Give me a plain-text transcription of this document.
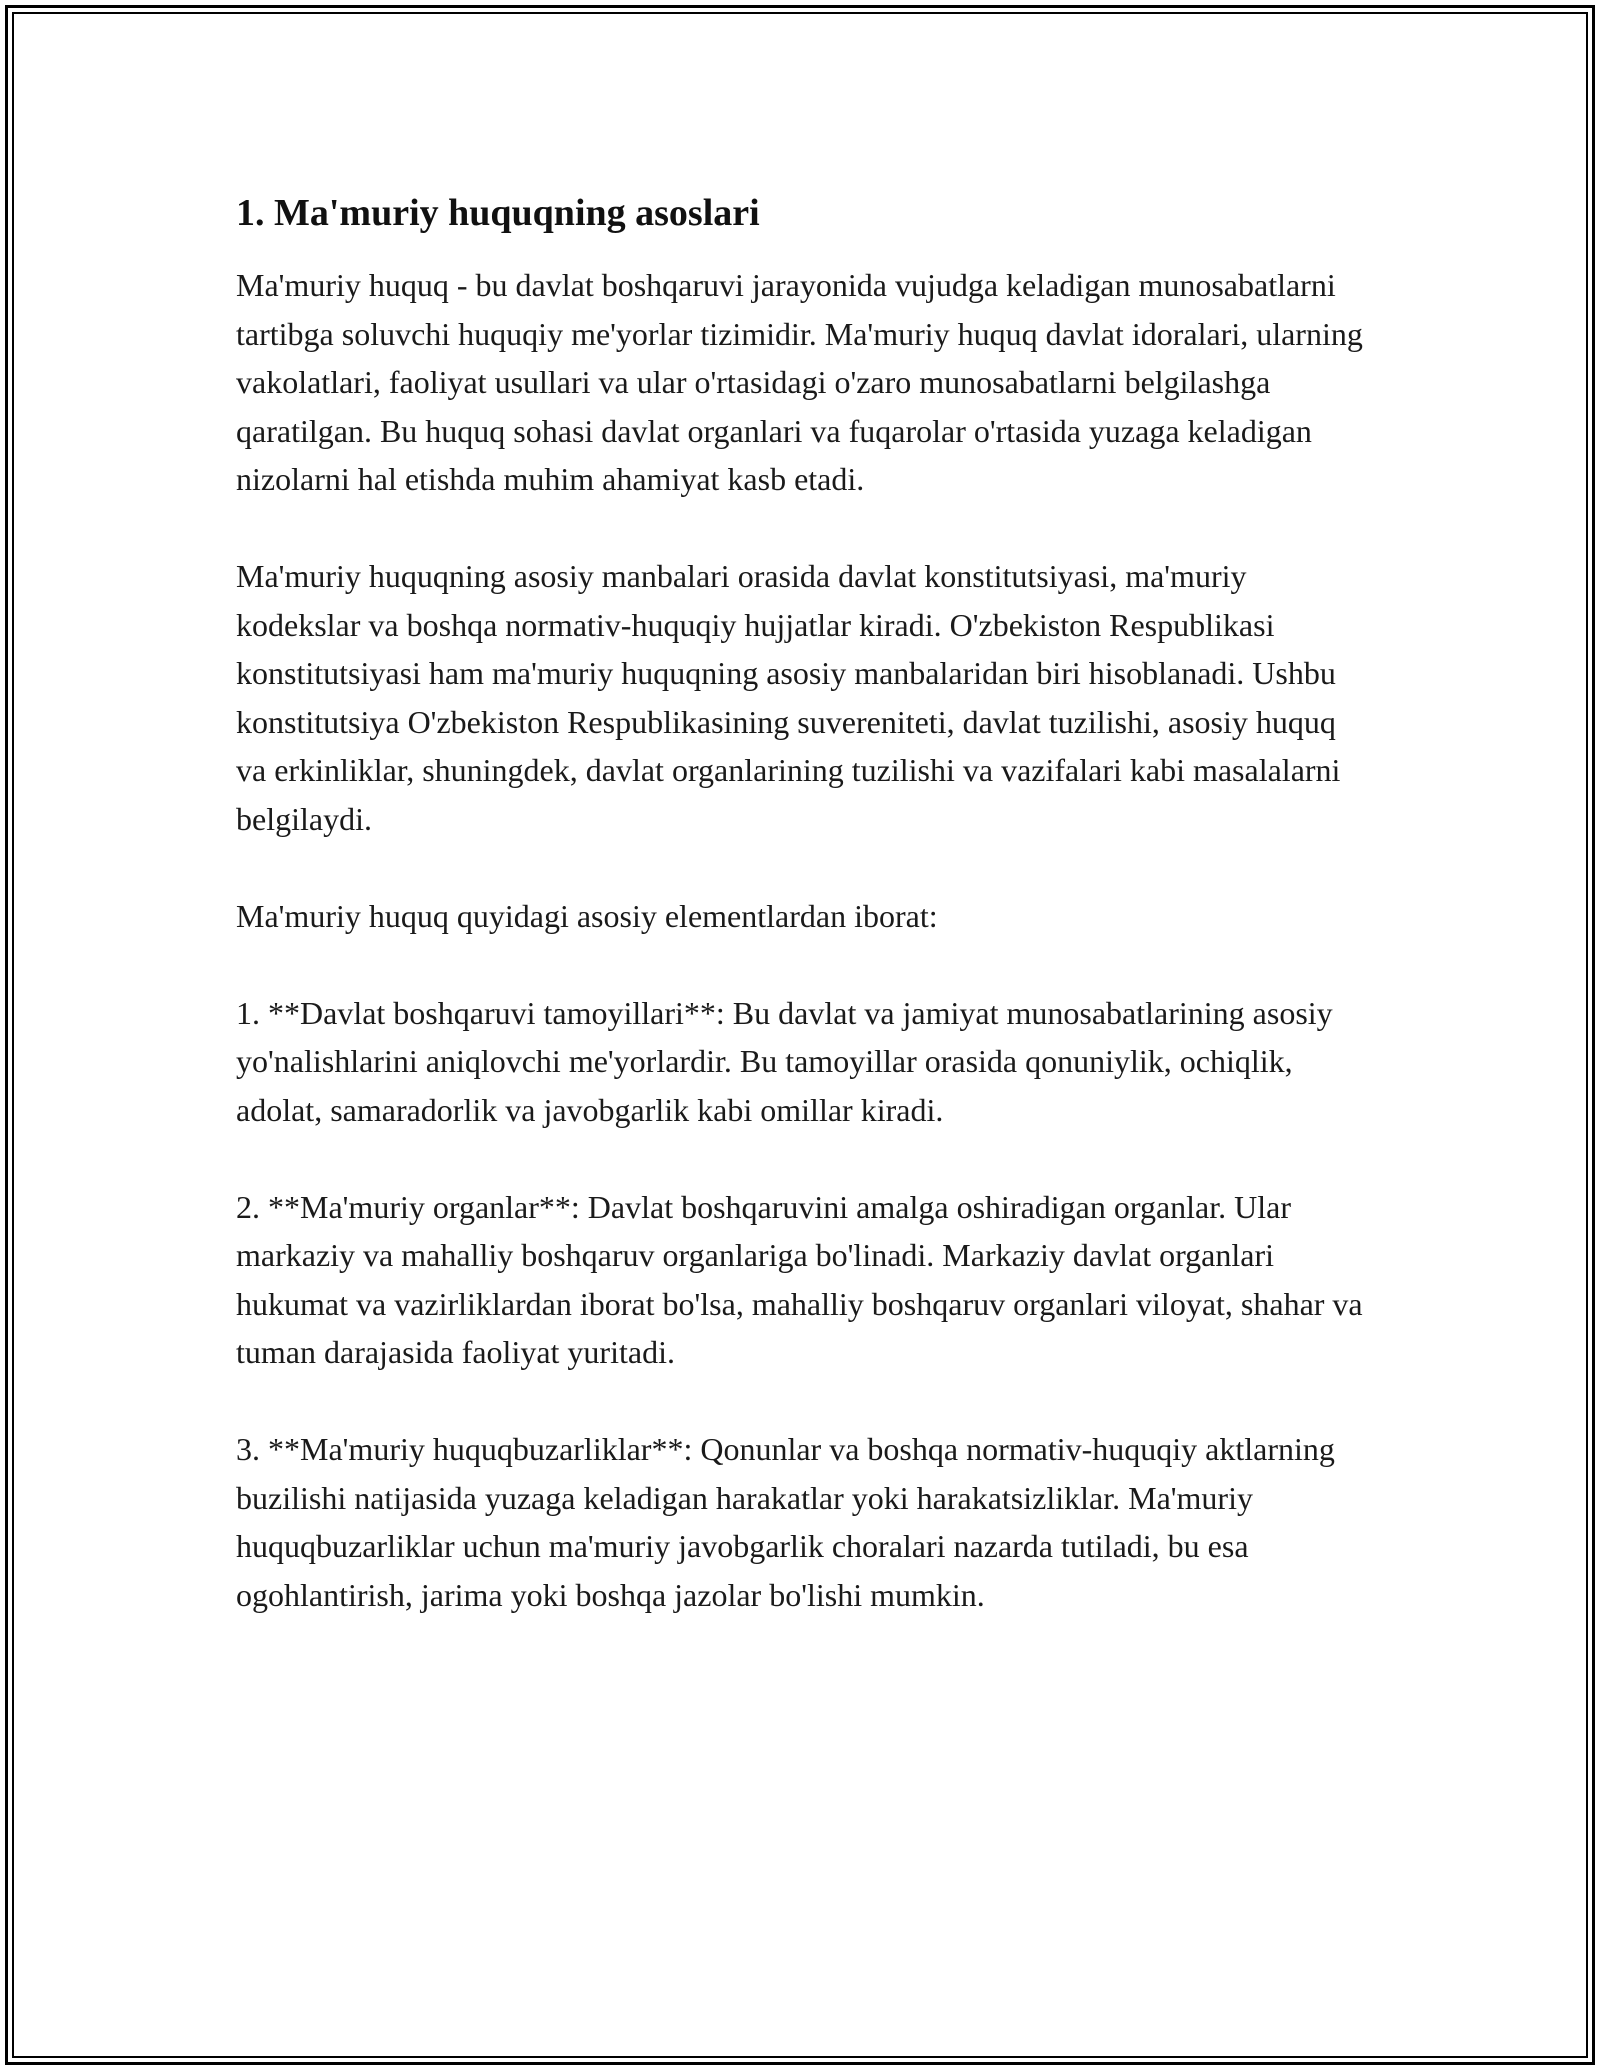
1. Ma'muriy huquqning asoslari

Ma'muriy huquq - bu davlat boshqaruvi jarayonida vujudga keladigan munosabatlarni tartibga soluvchi huquqiy me'yorlar tizimidir. Ma'muriy huquq davlat idoralari, ularning vakolatlari, faoliyat usullari va ular o'rtasidagi o'zaro munosabatlarni belgilashga qaratilgan. Bu huquq sohasi davlat organlari va fuqarolar o'rtasida yuzaga keladigan nizolarni hal etishda muhim ahamiyat kasb etadi.

Ma'muriy huquqning asosiy manbalari orasida davlat konstitutsiyasi, ma'muriy kodekslar va boshqa normativ-huquqiy hujjatlar kiradi. O'zbekiston Respublikasi konstitutsiyasi ham ma'muriy huquqning asosiy manbalaridan biri hisoblanadi. Ushbu konstitutsiya O'zbekiston Respublikasining suvereniteti, davlat tuzilishi, asosiy huquq va erkinliklar, shuningdek, davlat organlarining tuzilishi va vazifalari kabi masalalarni belgilaydi.

Ma'muriy huquq quyidagi asosiy elementlardan iborat:

1. **Davlat boshqaruvi tamoyillari**: Bu davlat va jamiyat munosabatlarining asosiy yo'nalishlarini aniqlovchi me'yorlardir. Bu tamoyillar orasida qonuniylik, ochiqlik, adolat, samaradorlik va javobgarlik kabi omillar kiradi.

2. **Ma'muriy organlar**: Davlat boshqaruvini amalga oshiradigan organlar. Ular markaziy va mahalliy boshqaruv organlariga bo'linadi. Markaziy davlat organlari hukumat va vazirliklardan iborat bo'lsa, mahalliy boshqaruv organlari viloyat, shahar va tuman darajasida faoliyat yuritadi.

3. **Ma'muriy huquqbuzarliklar**: Qonunlar va boshqa normativ-huquqiy aktlarning buzilishi natijasida yuzaga keladigan harakatlar yoki harakatsizliklar. Ma'muriy huquqbuzarliklar uchun ma'muriy javobgarlik choralari nazarda tutiladi, bu esa ogohlantirish, jarima yoki boshqa jazolar bo'lishi mumkin.
